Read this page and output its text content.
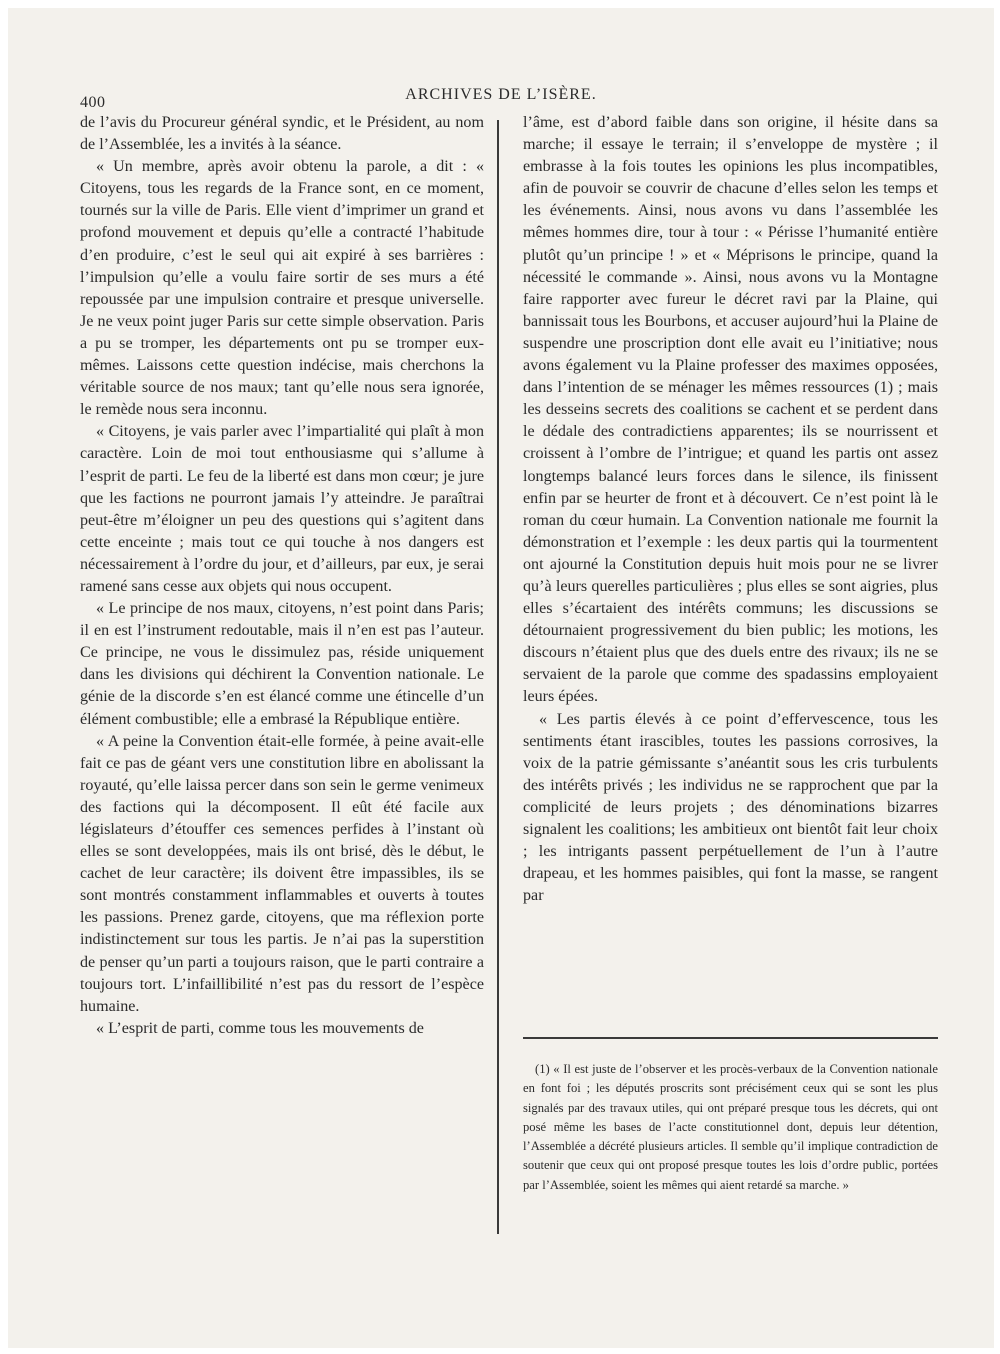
400	ARCHIVES DE L’ISÈRE.

de l’avis du Procureur général syndic, et le Président, au nom de l’Assemblée, les a invités à la séance.

« Un membre, après avoir obtenu la parole, a dit : « Citoyens, tous les regards de la France sont, en ce moment, tournés sur la ville de Paris. Elle vient d’imprimer un grand et profond mouvement et depuis qu’elle a contracté l’habitude d’en produire, c’est le seul qui ait expiré à ses barrières : l’impulsion qu’elle a voulu faire sortir de ses murs a été repoussée par une impulsion contraire et presque universelle. Je ne veux point juger Paris sur cette simple observation. Paris a pu se tromper, les départements ont pu se tromper eux-mêmes. Laissons cette question indécise, mais cherchons la véritable source de nos maux; tant qu’elle nous sera ignorée, le remède nous sera inconnu.

« Citoyens, je vais parler avec l’impartialité qui plaît à mon caractère. Loin de moi tout enthousiasme qui s’allume à l’esprit de parti. Le feu de la liberté est dans mon cœur; je jure que les factions ne pourront jamais l’y atteindre. Je paraîtrai peut-être m’éloigner un peu des questions qui s’agitent dans cette enceinte ; mais tout ce qui touche à nos dangers est nécessairement à l’ordre du jour, et d’ailleurs, par eux, je serai ramené sans cesse aux objets qui nous occupent.

« Le principe de nos maux, citoyens, n’est point dans Paris; il en est l’instrument redoutable, mais il n’en est pas l’auteur. Ce principe, ne vous le dissimulez pas, réside uniquement dans les divisions qui déchirent la Convention nationale. Le génie de la discorde s’en est élancé comme une étincelle d’un élément combustible; elle a embrasé la République entière.

« A peine la Convention était-elle formée, à peine avait-elle fait ce pas de géant vers une constitution libre en abolissant la royauté, qu’elle laissa percer dans son sein le germe venimeux des factions qui la décomposent. Il eût été facile aux législateurs d’étouffer ces semences perfides à l’instant où elles se sont developpées, mais ils ont brisé, dès le début, le cachet de leur caractère; ils doivent être impassibles, ils se sont montrés constamment inflammables et ouverts à toutes les passions. Prenez garde, citoyens, que ma réflexion porte indistinctement sur tous les partis. Je n’ai pas la superstition de penser qu’un parti a toujours raison, que le parti contraire a toujours tort. L’infaillibilité n’est pas du ressort de l’espèce humaine.

« L’esprit de parti, comme tous les mouvements de

l’âme, est d’abord faible dans son origine, il hésite dans sa marche; il essaye le terrain; il s’enveloppe de mystère ; il embrasse à la fois toutes les opinions les plus incompatibles, afin de pouvoir se couvrir de chacune d’elles selon les temps et les événements. Ainsi, nous avons vu dans l’assemblée les mêmes hommes dire, tour à tour : « Périsse l’humanité entière plutôt qu’un principe ! » et « Méprisons le principe, quand la nécessité le commande ». Ainsi, nous avons vu la Montagne faire rapporter avec fureur le décret ravi par la Plaine, qui bannissait tous les Bourbons, et accuser aujourd’hui la Plaine de suspendre une proscription dont elle avait eu l’initiative; nous avons également vu la Plaine professer des maximes opposées, dans l’intention de se ménager les mêmes ressources (1) ; mais les desseins secrets des coalitions se cachent et se perdent dans le dédale des contradictiens apparentes; ils se nourrissent et croissent à l’ombre de l’intrigue; et quand les partis ont assez longtemps balancé leurs forces dans le silence, ils finissent enfin par se heurter de front et à découvert. Ce n’est point là le roman du cœur humain. La Convention nationale me fournit la démonstration et l’exemple : les deux partis qui la tourmentent ont ajourné la Constitution depuis huit mois pour ne se livrer qu’à leurs querelles particulières ; plus elles se sont aigries, plus elles s’écartaient des intérêts communs; les discussions se détournaient progressivement du bien public; les motions, les discours n’étaient plus que des duels entre des rivaux; ils ne se servaient de la parole que comme des spadassins employaient leurs épées.

« Les partis élevés à ce point d’effervescence, tous les sentiments étant irascibles, toutes les passions corrosives, la voix de la patrie gémissante s’anéantit sous les cris turbulents des intérêts privés ; les individus ne se rapprochent que par la complicité de leurs projets ; des dénominations bizarres signalent les coalitions; les ambitieux ont bientôt fait leur choix ; les intrigants passent perpétuellement de l’un à l’autre drapeau, et les hommes paisibles, qui font la masse, se rangent par

(1) « Il est juste de l’observer et les procès-verbaux de la Convention nationale en font foi ; les députés proscrits sont précisément ceux qui se sont les plus signalés par des travaux utiles, qui ont préparé presque tous les décrets, qui ont posé même les bases de l’acte constitutionnel dont, depuis leur détention, l’Assemblée a décrété plusieurs articles. Il semble qu’il implique contradiction de soutenir que ceux qui ont proposé presque toutes les lois d’ordre public, portées par l’Assemblée, soient les mêmes qui aient retardé sa marche. »
